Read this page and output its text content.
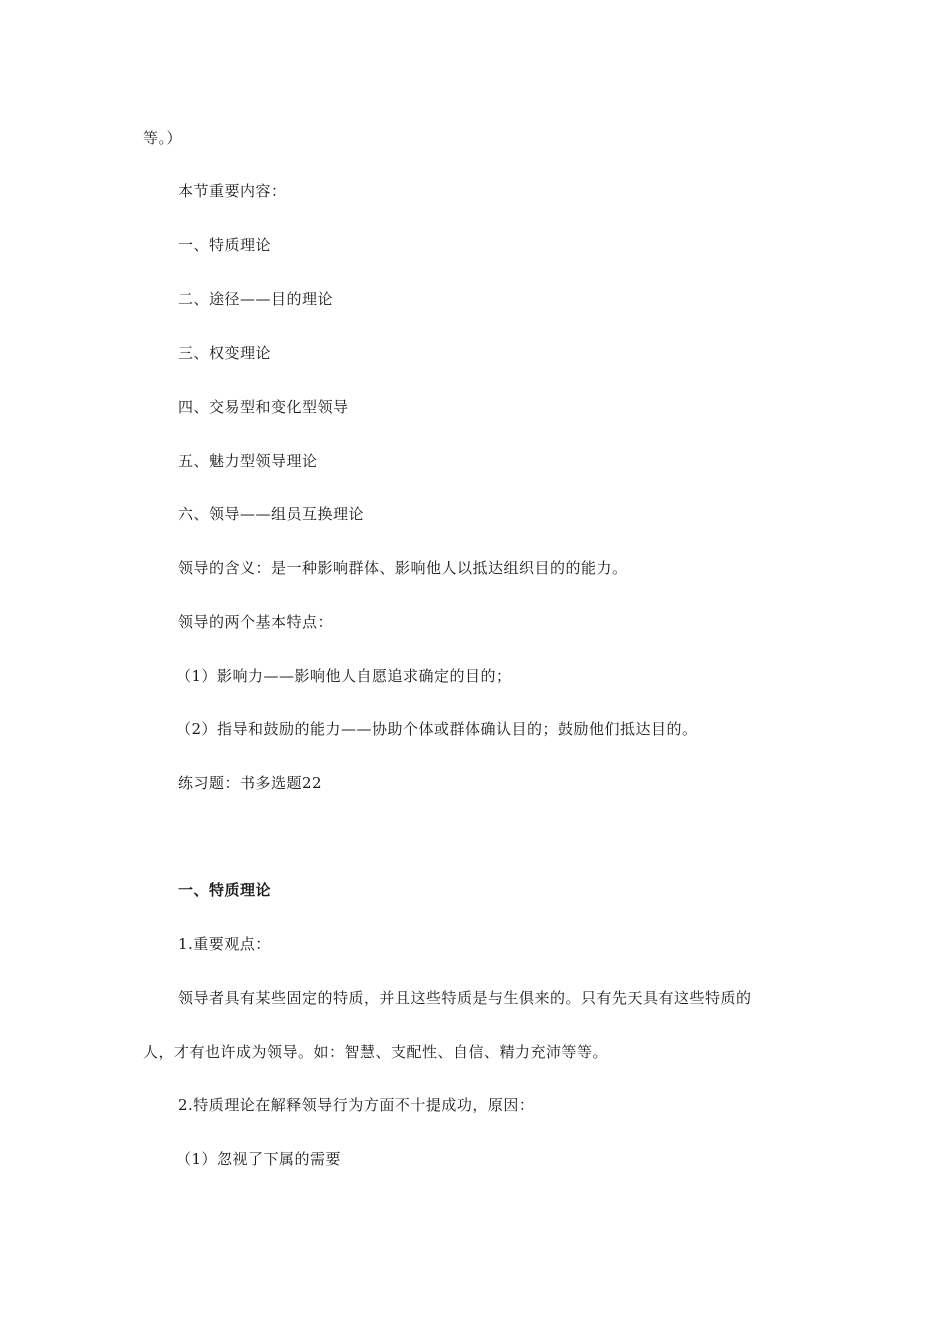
等。）
本节重要内容：
一、特质理论
二、途径——目的理论
三、权变理论
四、交易型和变化型领导
五、魅力型领导理论
六、领导——组员互换理论
领导的含义：是一种影响群体、影响他人以抵达组织目的的能力。
领导的两个基本特点：
（1）影响力——影响他人自愿追求确定的目的；
（2）指导和鼓励的能力——协助个体或群体确认目的；鼓励他们抵达目的。
练习题：书多选题22
一、特质理论
1.重要观点：
领导者具有某些固定的特质，并且这些特质是与生俱来的。只有先天具有这些特质的
人，才有也许成为领导。如：智慧、支配性、自信、精力充沛等等。
2.特质理论在解释领导行为方面不十提成功，原因：
（1）忽视了下属的需要
